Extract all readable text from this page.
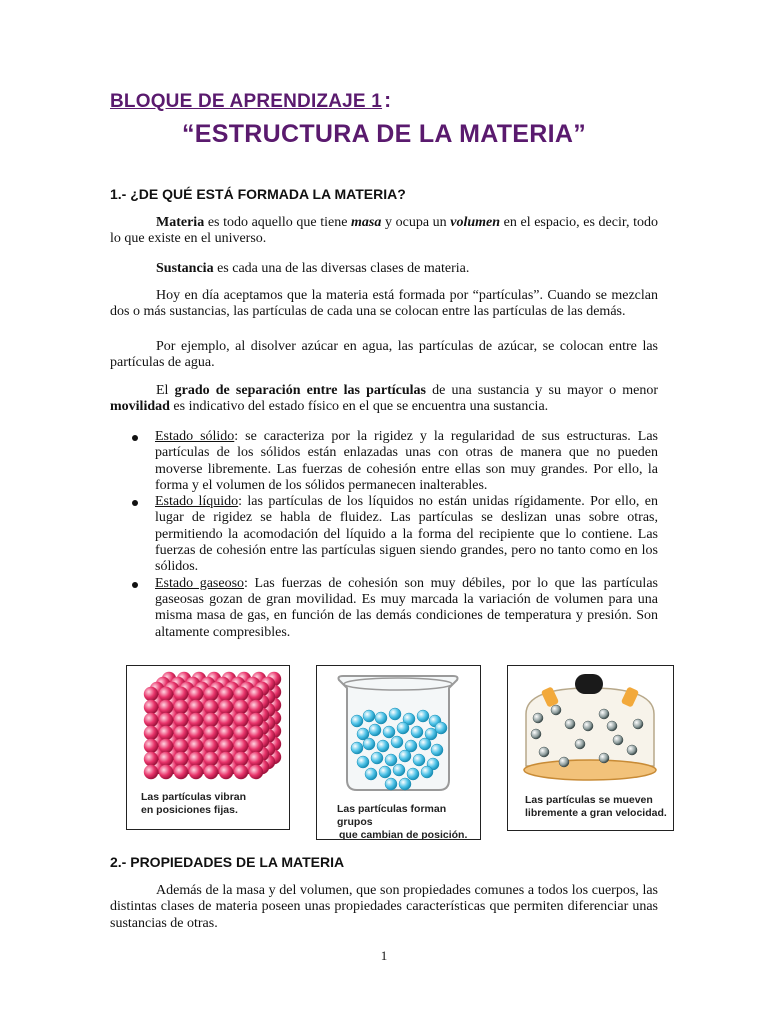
BLOQUE DE APRENDIZAJE 1:
“ESTRUCTURA DE LA MATERIA”
1.- ¿DE QUÉ ESTÁ FORMADA LA MATERIA?
Materia es todo aquello que tiene masa y ocupa un volumen en el espacio, es decir, todo lo que existe en el universo.
Sustancia es cada una de las diversas clases de materia.
Hoy en día aceptamos que la materia está formada por “partículas”. Cuando se mezclan dos o más sustancias, las partículas de cada una se colocan entre las partículas de las demás.
Por ejemplo, al disolver azúcar en agua, las partículas de azúcar, se colocan entre las partículas de agua.
El grado de separación entre las partículas de una sustancia y su mayor o menor movilidad es indicativo del estado físico en el que se encuentra una sustancia.
Estado sólido: se caracteriza por la rigidez y la regularidad de sus estructuras. Las partículas de los sólidos están enlazadas unas con otras de manera que no pueden moverse libremente. Las fuerzas de cohesión entre ellas son muy grandes. Por ello, la forma y el volumen de los sólidos permanecen inalterables.
Estado líquido: las partículas de los líquidos no están unidas rígidamente. Por ello, en lugar de rigidez se habla de fluidez. Las partículas se deslizan unas sobre otras, permitiendo la acomodación del líquido a la forma del recipiente que lo contiene. Las fuerzas de cohesión entre las partículas siguen siendo grandes, pero no tanto como en los sólidos.
Estado gaseoso: Las fuerzas de cohesión son muy débiles, por lo que las partículas gaseosas gozan de gran movilidad. Es muy marcada la variación de volumen para una misma masa de gas, en función de las demás condiciones de temperatura y presión. Son altamente compresibles.
Las partículas vibran
en posiciones fijas.	Las partículas forman grupos
que cambian de posición.
Las partículas se mueven
libremente a gran velocidad.
2.- PROPIEDADES DE LA MATERIA
Además de la masa y del volumen, que son propiedades comunes a todos los cuerpos, las distintas clases de materia poseen unas propiedades características que permiten diferenciar unas sustancias de otras.
1
